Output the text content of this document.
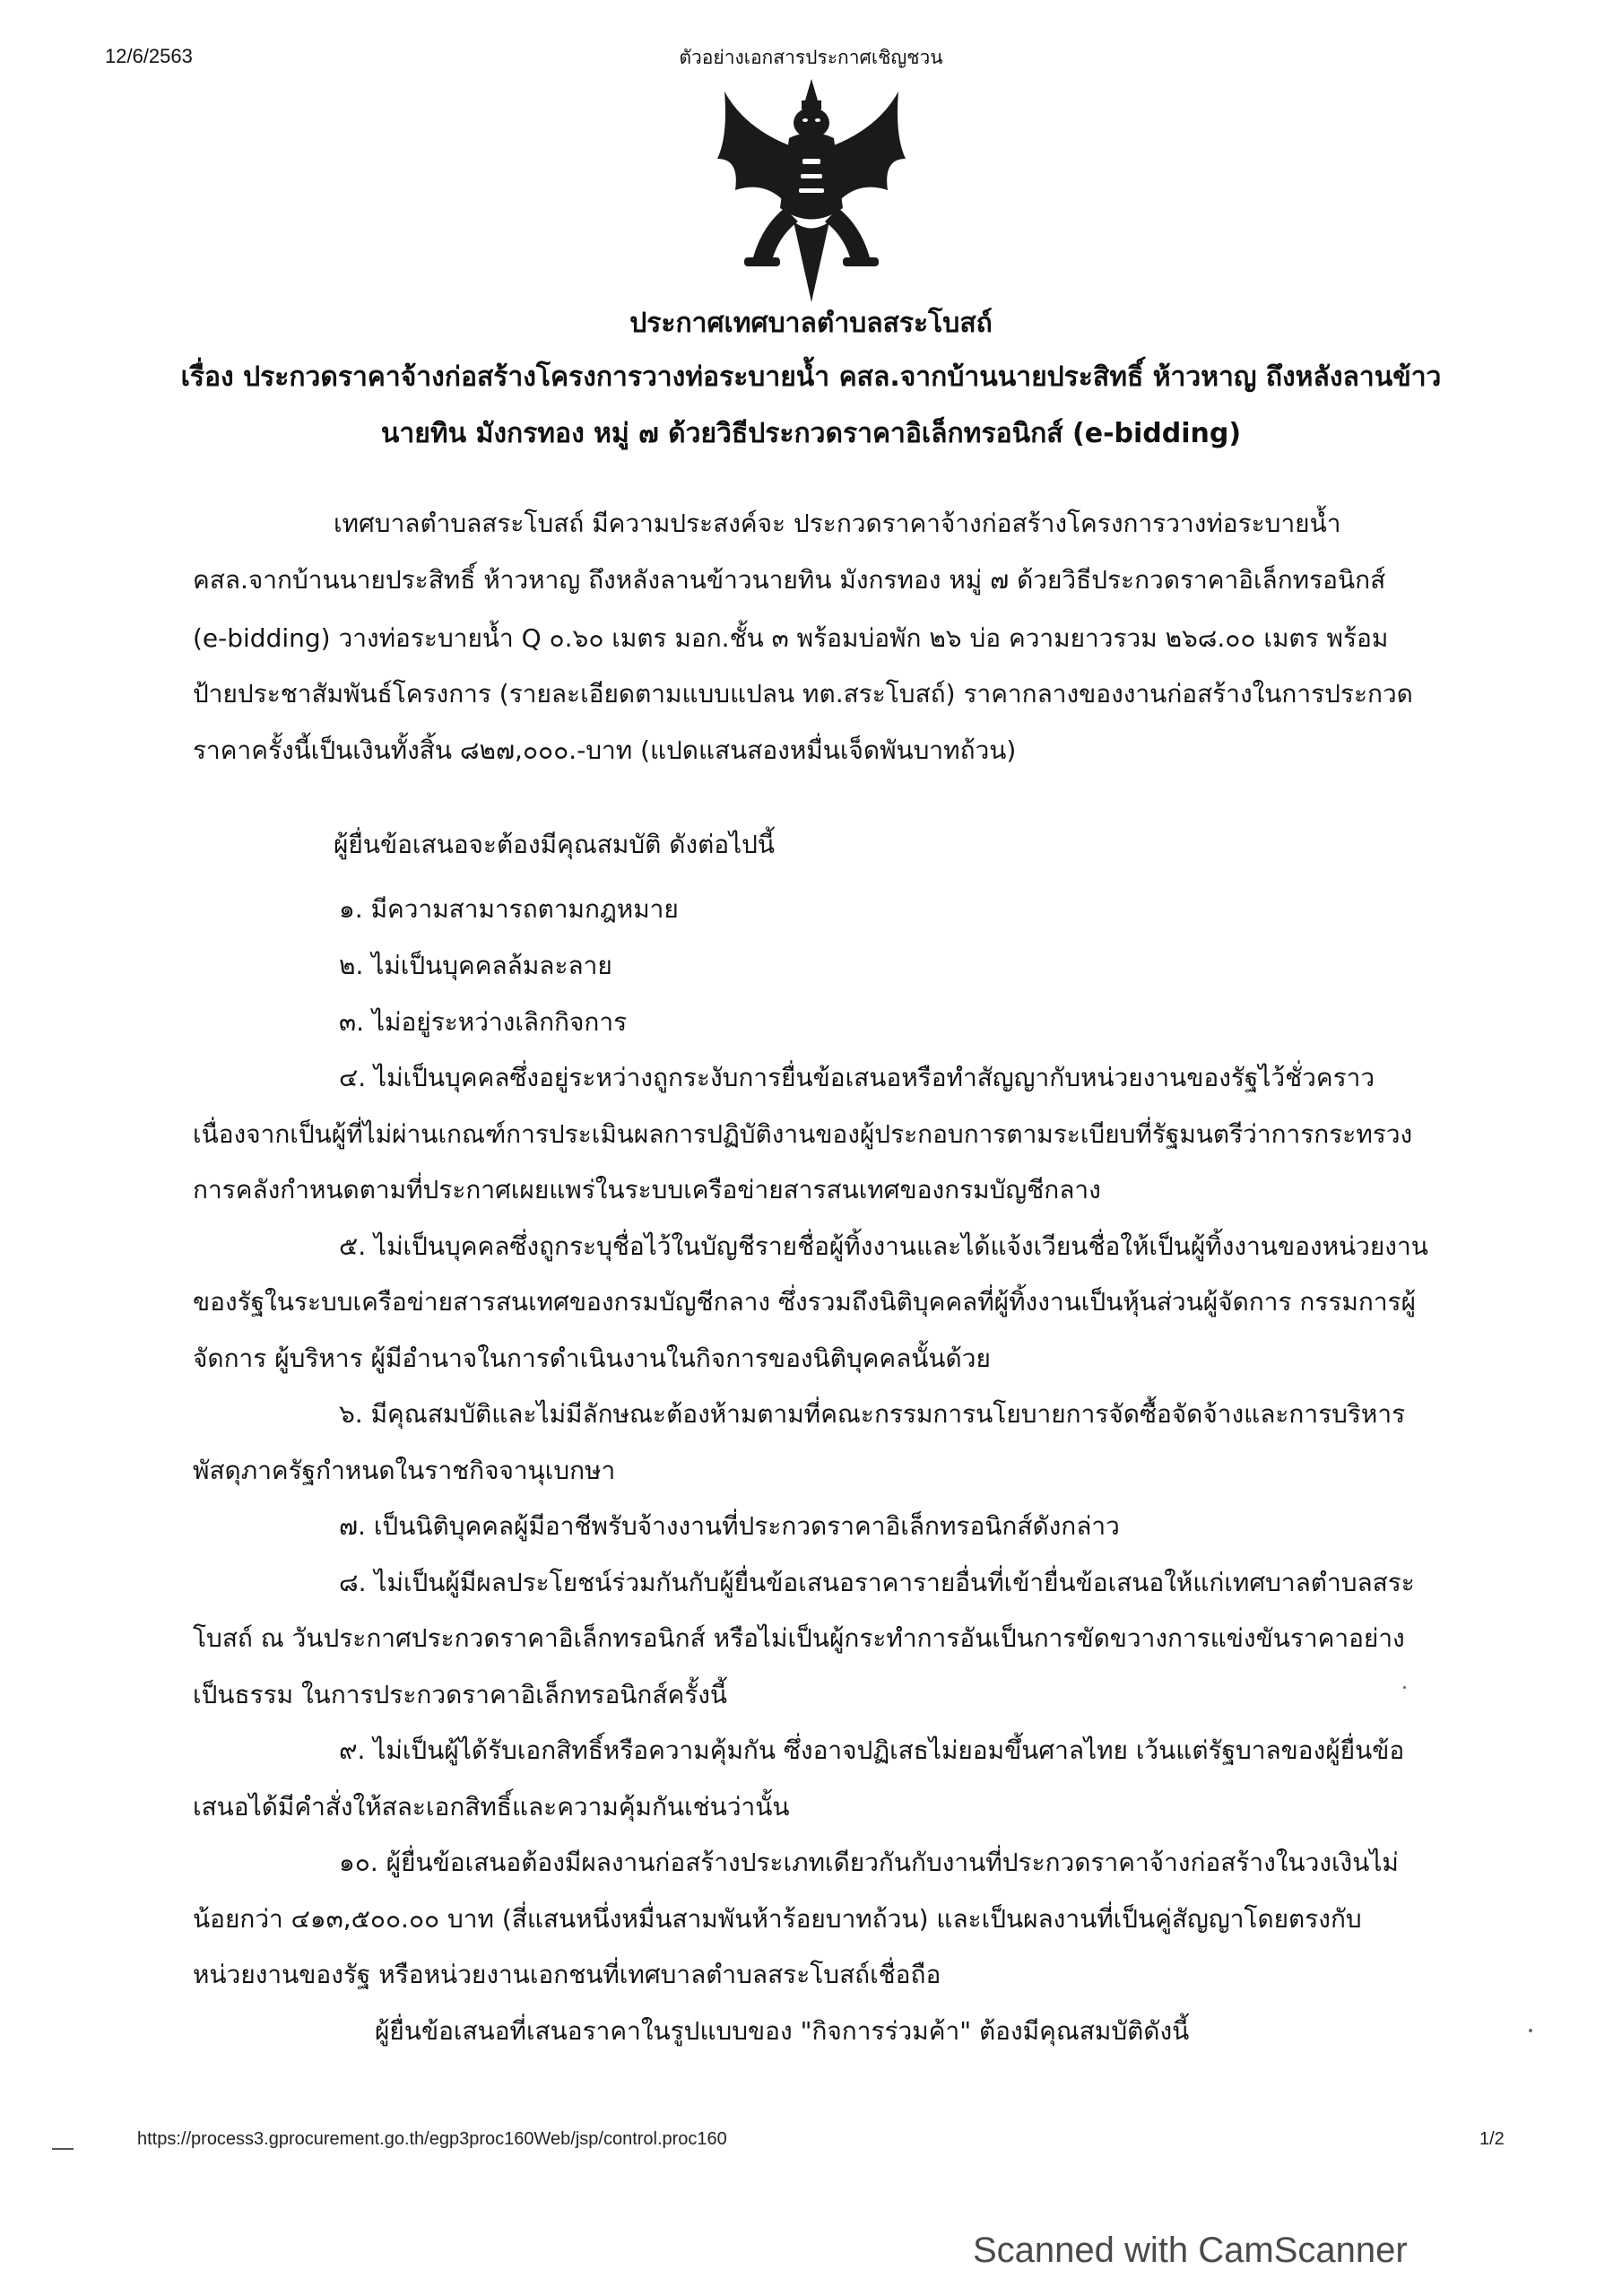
12/6/2563	ตัวอย่างเอกสารประกาศเชิญชวน
ประกาศเทศบาลตำบลสระโบสถ์
เรื่อง ประกวดราคาจ้างก่อสร้างโครงการวางท่อระบายน้ำ คสล.จากบ้านนายประสิทธิ์ ห้าวหาญ ถึงหลังลานข้าว
นายทิน มังกรทอง หมู่ ๗ ด้วยวิธีประกวดราคาอิเล็กทรอนิกส์ (e-bidding)
เทศบาลตำบลสระโบสถ์ มีความประสงค์จะ ประกวดราคาจ้างก่อสร้างโครงการวางท่อระบายน้ำ
คสล.จากบ้านนายประสิทธิ์ ห้าวหาญ ถึงหลังลานข้าวนายทิน มังกรทอง หมู่ ๗ ด้วยวิธีประกวดราคาอิเล็กทรอนิกส์
(e-bidding) วางท่อระบายน้ำ Q ๐.๖๐ เมตร มอก.ชั้น ๓ พร้อมบ่อพัก ๒๖ บ่อ ความยาวรวม ๒๖๘.๐๐ เมตร พร้อม
ป้ายประชาสัมพันธ์โครงการ (รายละเอียดตามแบบแปลน ทต.สระโบสถ์) ราคากลางของงานก่อสร้างในการประกวด
ราคาครั้งนี้เป็นเงินทั้งสิ้น ๘๒๗,๐๐๐.-บาท (แปดแสนสองหมื่นเจ็ดพันบาทถ้วน)
ผู้ยื่นข้อเสนอจะต้องมีคุณสมบัติ ดังต่อไปนี้
๑. มีความสามารถตามกฎหมาย
๒. ไม่เป็นบุคคลล้มละลาย
๓. ไม่อยู่ระหว่างเลิกกิจการ
๔. ไม่เป็นบุคคลซึ่งอยู่ระหว่างถูกระงับการยื่นข้อเสนอหรือทำสัญญากับหน่วยงานของรัฐไว้ชั่วคราว
เนื่องจากเป็นผู้ที่ไม่ผ่านเกณฑ์การประเมินผลการปฏิบัติงานของผู้ประกอบการตามระเบียบที่รัฐมนตรีว่าการกระทรวง
การคลังกำหนดตามที่ประกาศเผยแพร่ในระบบเครือข่ายสารสนเทศของกรมบัญชีกลาง
๕. ไม่เป็นบุคคลซึ่งถูกระบุชื่อไว้ในบัญชีรายชื่อผู้ทิ้งงานและได้แจ้งเวียนชื่อให้เป็นผู้ทิ้งงานของหน่วยงาน
ของรัฐในระบบเครือข่ายสารสนเทศของกรมบัญชีกลาง ซึ่งรวมถึงนิติบุคคลที่ผู้ทิ้งงานเป็นหุ้นส่วนผู้จัดการ กรรมการผู้
จัดการ ผู้บริหาร ผู้มีอำนาจในการดำเนินงานในกิจการของนิติบุคคลนั้นด้วย
๖. มีคุณสมบัติและไม่มีลักษณะต้องห้ามตามที่คณะกรรมการนโยบายการจัดซื้อจัดจ้างและการบริหาร
พัสดุภาครัฐกำหนดในราชกิจจานุเบกษา
๗. เป็นนิติบุคคลผู้มีอาชีพรับจ้างงานที่ประกวดราคาอิเล็กทรอนิกส์ดังกล่าว
๘. ไม่เป็นผู้มีผลประโยชน์ร่วมกันกับผู้ยื่นข้อเสนอราคารายอื่นที่เข้ายื่นข้อเสนอให้แก่เทศบาลตำบลสระ
โบสถ์ ณ วันประกาศประกวดราคาอิเล็กทรอนิกส์ หรือไม่เป็นผู้กระทำการอันเป็นการขัดขวางการแข่งขันราคาอย่าง
เป็นธรรม ในการประกวดราคาอิเล็กทรอนิกส์ครั้งนี้
๙. ไม่เป็นผู้ได้รับเอกสิทธิ์หรือความคุ้มกัน ซึ่งอาจปฏิเสธไม่ยอมขึ้นศาลไทย เว้นแต่รัฐบาลของผู้ยื่นข้อ
เสนอได้มีคำสั่งให้สละเอกสิทธิ์และความคุ้มกันเช่นว่านั้น
๑๐. ผู้ยื่นข้อเสนอต้องมีผลงานก่อสร้างประเภทเดียวกันกับงานที่ประกวดราคาจ้างก่อสร้างในวงเงินไม่
น้อยกว่า ๔๑๓,๕๐๐.๐๐ บาท (สี่แสนหนึ่งหมื่นสามพันห้าร้อยบาทถ้วน) และเป็นผลงานที่เป็นคู่สัญญาโดยตรงกับ
หน่วยงานของรัฐ หรือหน่วยงานเอกชนที่เทศบาลตำบลสระโบสถ์เชื่อถือ
ผู้ยื่นข้อเสนอที่เสนอราคาในรูปแบบของ "กิจการร่วมค้า" ต้องมีคุณสมบัติดังนี้
https://process3.gprocurement.go.th/egp3proc160Web/jsp/control.proc160	1/2
Scanned with CamScanner
